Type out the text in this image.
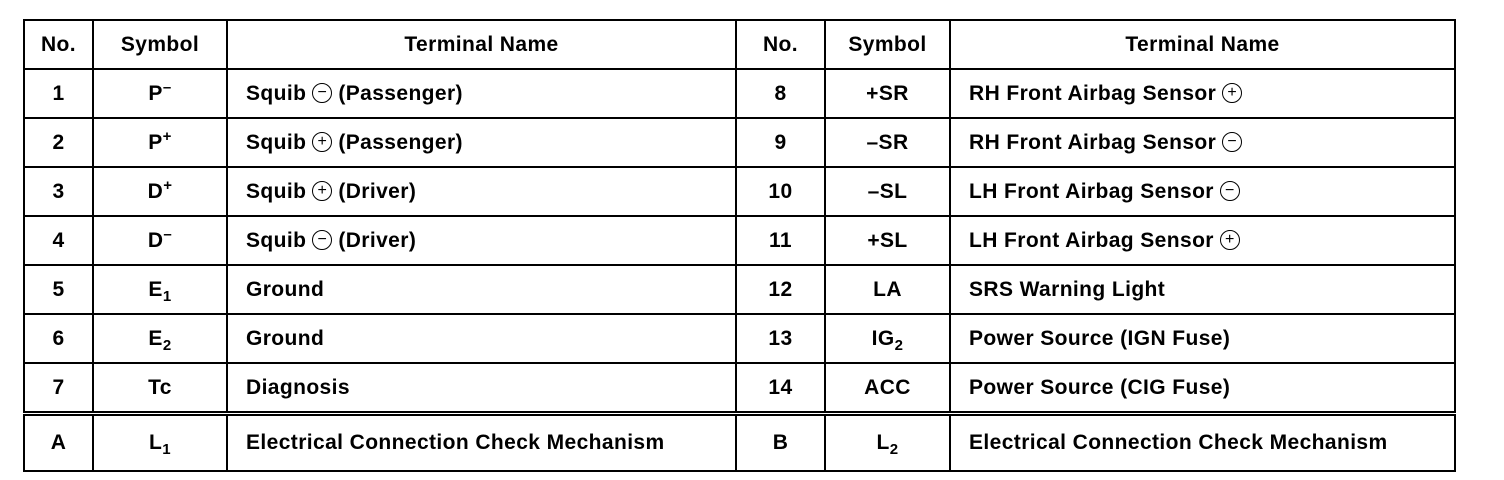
No.	Symbol	Terminal Name	No.	Symbol	Terminal Name
1	P–	Squib − (Passenger)	8	+SR	RH Front Airbag Sensor +
2	P+	Squib + (Passenger)	9	–SR	RH Front Airbag Sensor −
3	D+	Squib + (Driver)	10	–SL	LH Front Airbag Sensor −
4	D–	Squib − (Driver)	11	+SL	LH Front Airbag Sensor +
5	$E_1$	Ground	12	LA	SRS Warning Light
6	$E_2$	Ground	13	$IG_2$	Power Source (IGN Fuse)
7	Tc	Diagnosis	14	ACC	Power Source (CIG Fuse)
A	$L_1$	Electrical Connection Check Mechanism	B	$L_2$	Electrical Connection Check Mechanism
